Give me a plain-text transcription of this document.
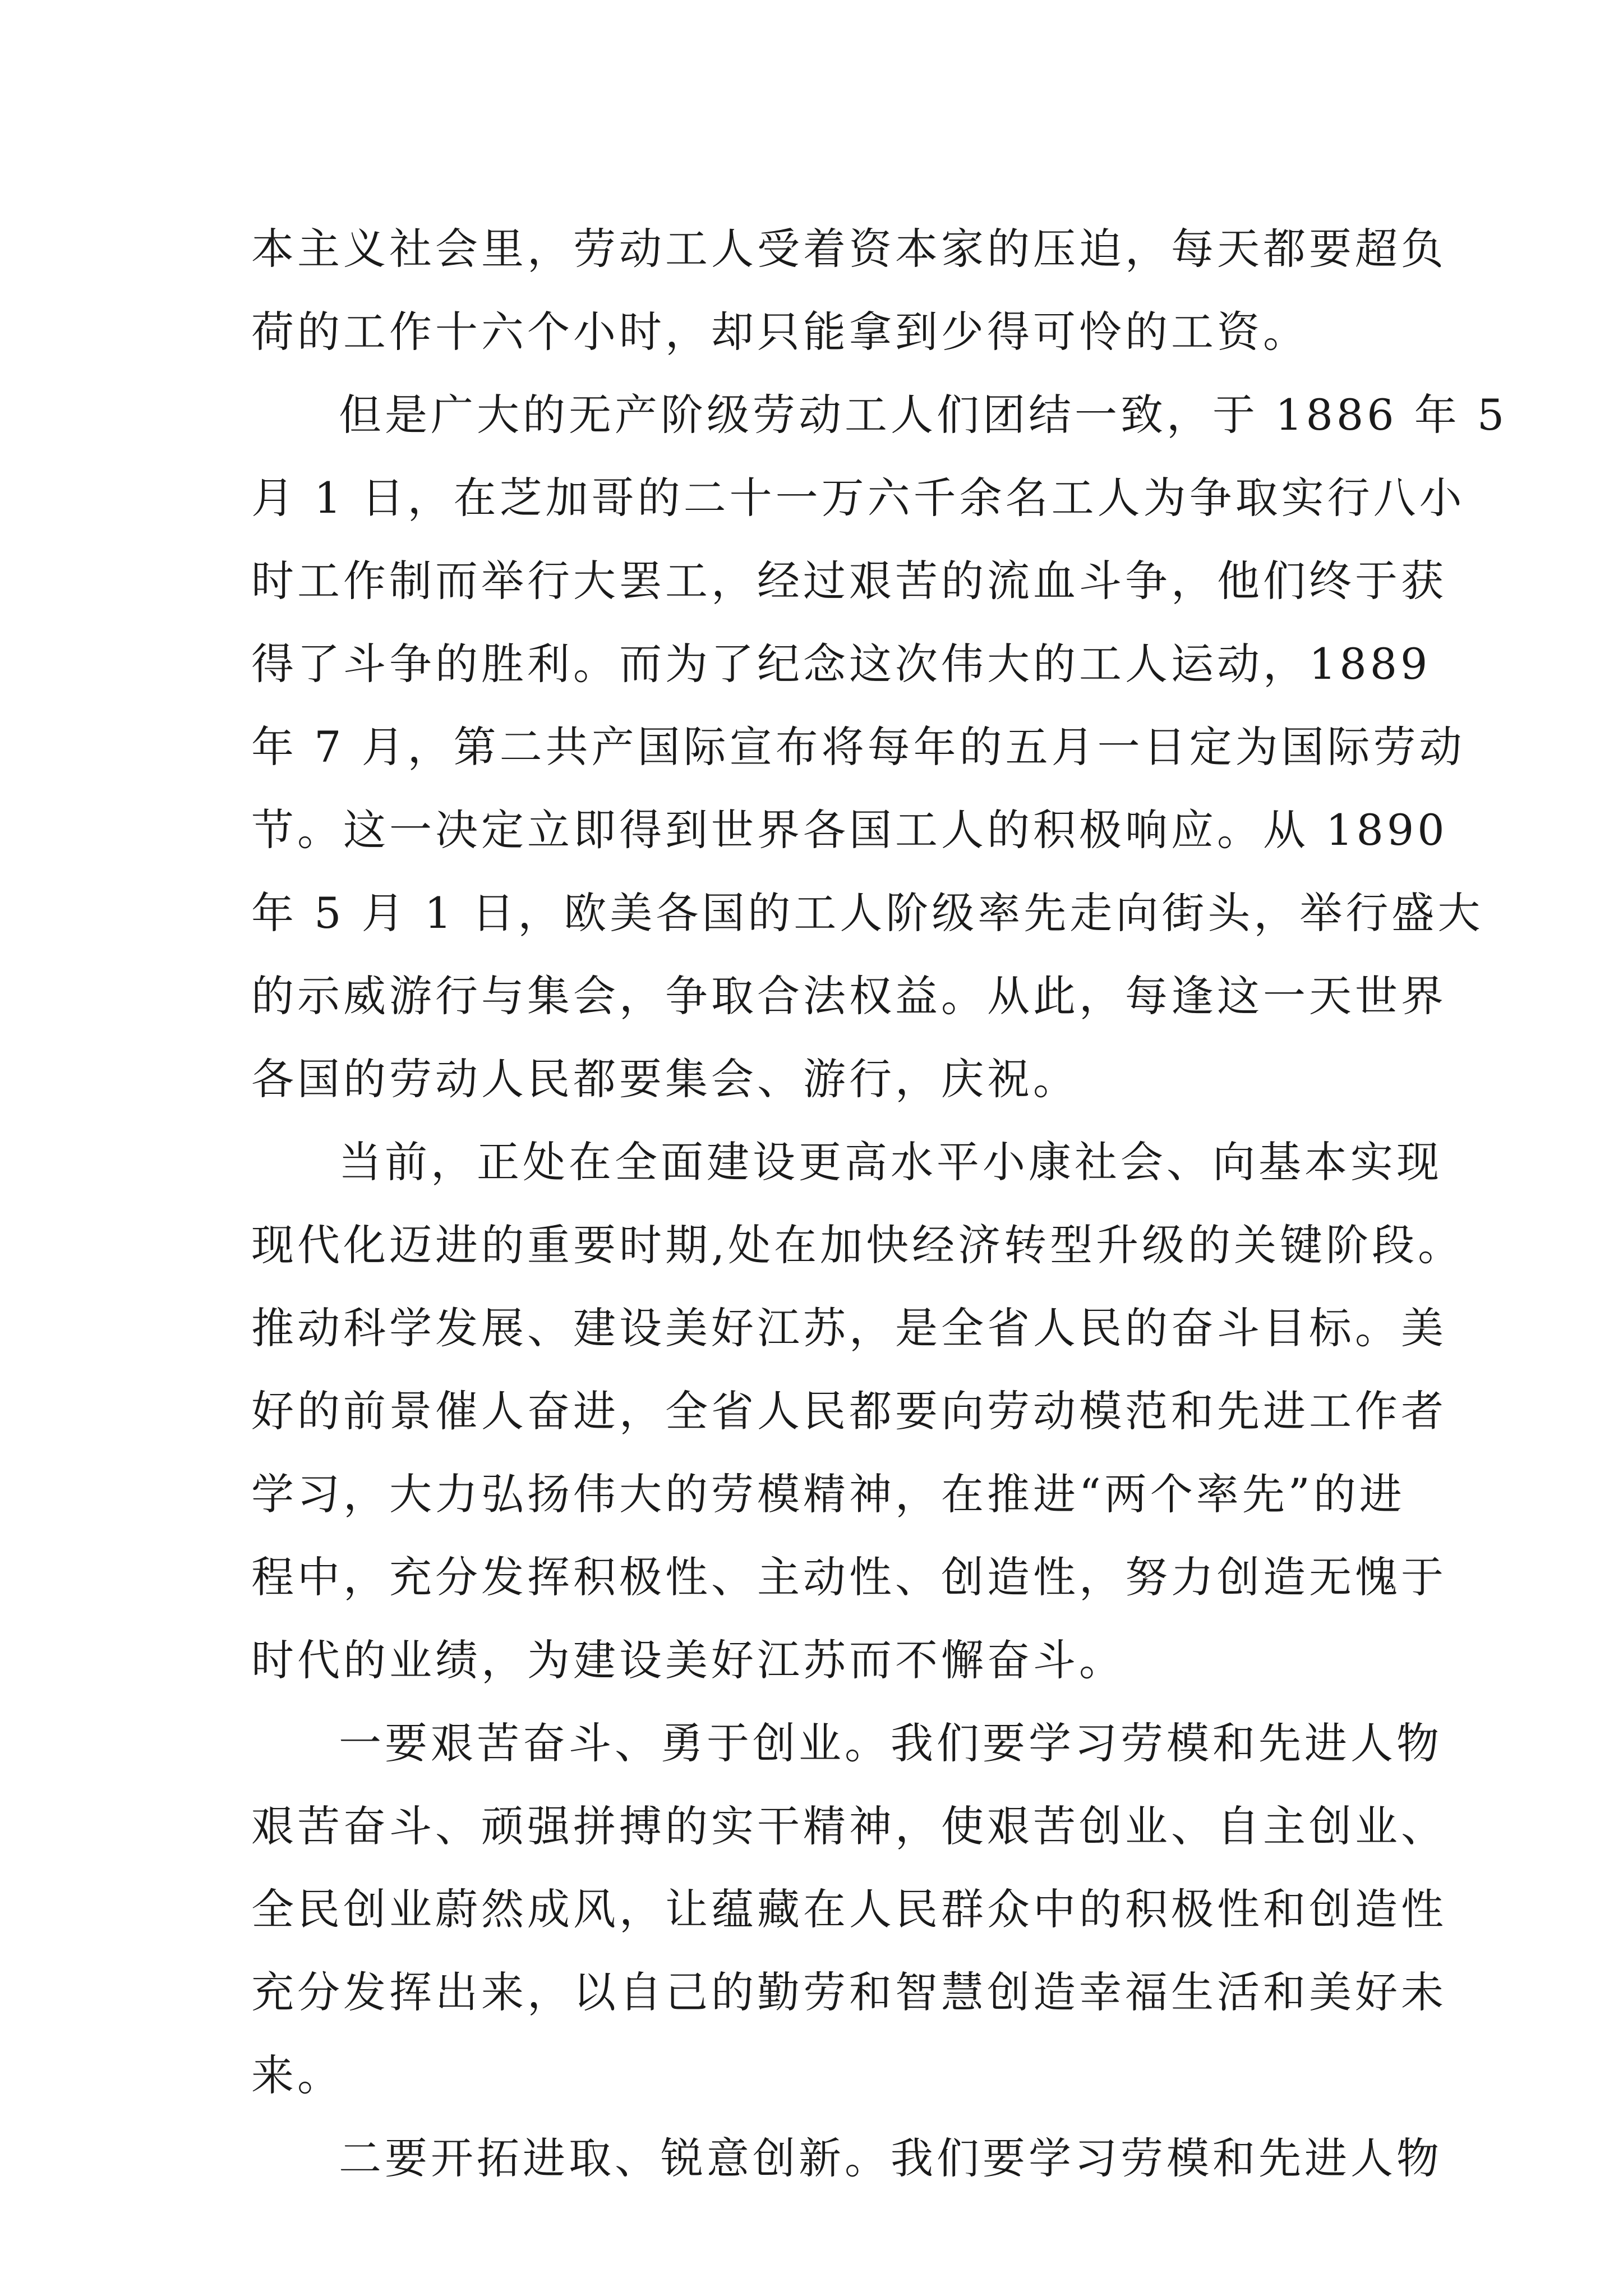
本主义社会里，劳动工人受着资本家的压迫，每天都要超负
荷的工作十六个小时，却只能拿到少得可怜的工资。
但是广大的无产阶级劳动工人们团结一致，于 1886 年 5
月 1 日，在芝加哥的二十一万六千余名工人为争取实行八小
时工作制而举行大罢工，经过艰苦的流血斗争，他们终于获
得了斗争的胜利。而为了纪念这次伟大的工人运动，1889
年 7 月，第二共产国际宣布将每年的五月一日定为国际劳动
节。这一决定立即得到世界各国工人的积极响应。从 1890
年 5 月 1 日，欧美各国的工人阶级率先走向街头，举行盛大
的示威游行与集会，争取合法权益。从此，每逢这一天世界
各国的劳动人民都要集会、游行，庆祝。
当前，正处在全面建设更高水平小康社会、向基本实现
现代化迈进的重要时期,处在加快经济转型升级的关键阶段。
推动科学发展、建设美好江苏，是全省人民的奋斗目标。美
好的前景催人奋进，全省人民都要向劳动模范和先进工作者
学习，大力弘扬伟大的劳模精神，在推进“两个率先”的进
程中，充分发挥积极性、主动性、创造性，努力创造无愧于
时代的业绩，为建设美好江苏而不懈奋斗。
一要艰苦奋斗、勇于创业。我们要学习劳模和先进人物
艰苦奋斗、顽强拼搏的实干精神，使艰苦创业、自主创业、
全民创业蔚然成风，让蕴藏在人民群众中的积极性和创造性
充分发挥出来，以自己的勤劳和智慧创造幸福生活和美好未
来。
二要开拓进取、锐意创新。我们要学习劳模和先进人物
